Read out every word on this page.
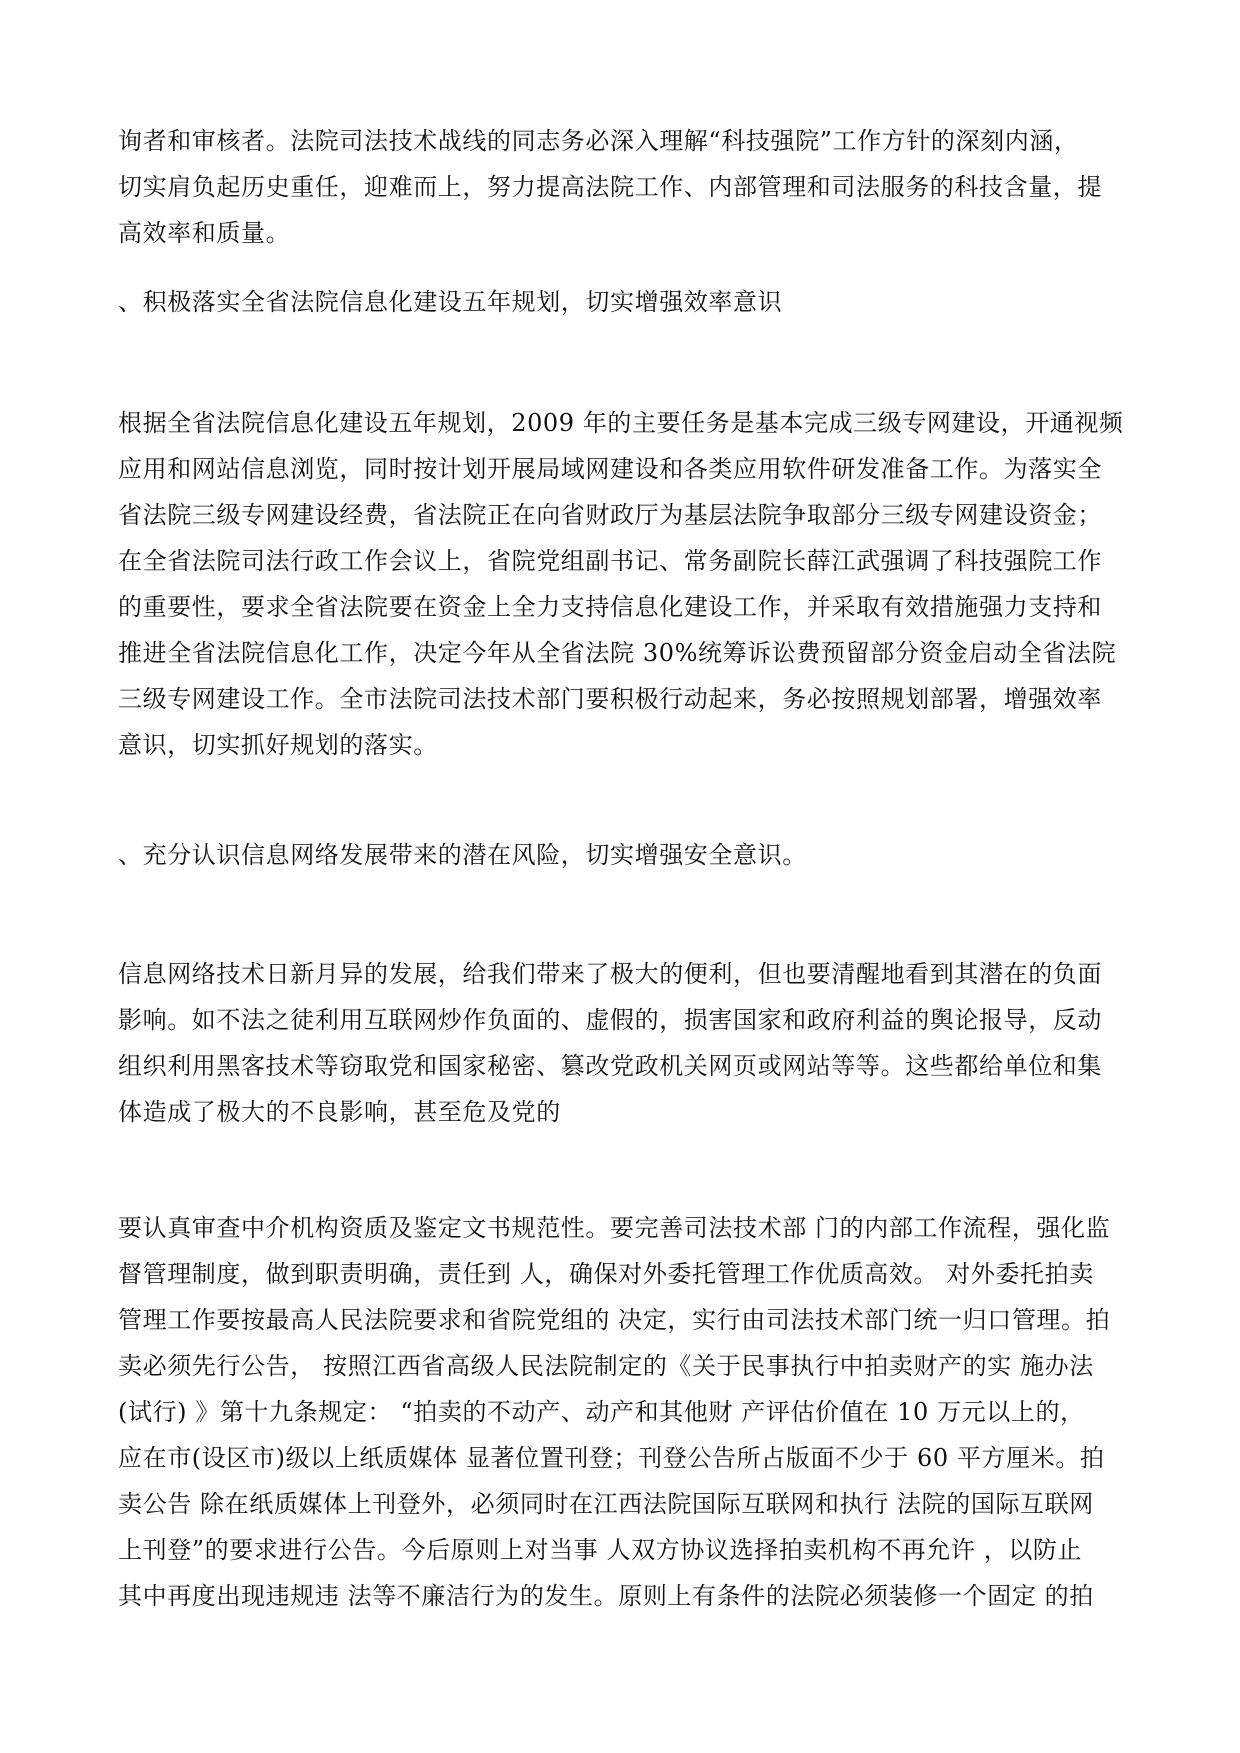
询者和审核者。法院司法技术战线的同志务必深入理解“科技强院”工作方针的深刻内涵，
切实肩负起历史重任，迎难而上，努力提高法院工作、内部管理和司法服务的科技含量，提
高效率和质量。

、积极落实全省法院信息化建设五年规划，切实增强效率意识

根据全省法院信息化建设五年规划，2009 年的主要任务是基本完成三级专网建设，开通视频
应用和网站信息浏览，同时按计划开展局域网建设和各类应用软件研发准备工作。为落实全
省法院三级专网建设经费，省法院正在向省财政厅为基层法院争取部分三级专网建设资金；
在全省法院司法行政工作会议上，省院党组副书记、常务副院长薛江武强调了科技强院工作
的重要性，要求全省法院要在资金上全力支持信息化建设工作，并采取有效措施强力支持和
推进全省法院信息化工作，决定今年从全省法院 30%统筹诉讼费预留部分资金启动全省法院
三级专网建设工作。全市法院司法技术部门要积极行动起来，务必按照规划部署，增强效率
意识，切实抓好规划的落实。

、充分认识信息网络发展带来的潜在风险，切实增强安全意识。

信息网络技术日新月异的发展，给我们带来了极大的便利，但也要清醒地看到其潜在的负面
影响。如不法之徒利用互联网炒作负面的、虚假的，损害国家和政府利益的舆论报导，反动
组织利用黑客技术等窃取党和国家秘密、篡改党政机关网页或网站等等。这些都给单位和集
体造成了极大的不良影响，甚至危及党的

要认真审查中介机构资质及鉴定文书规范性。要完善司法技术部 门的内部工作流程，强化监
督管理制度，做到职责明确，责任到 人，确保对外委托管理工作优质高效。 对外委托拍卖
管理工作要按最高人民法院要求和省院党组的 决定，实行由司法技术部门统一归口管理。拍
卖必须先行公告， 按照江西省高级人民法院制定的《关于民事执行中拍卖财产的实 施办法
(试行) 》第十九条规定： “拍卖的不动产、动产和其他财 产评估价值在 10 万元以上的，
应在市(设区市)级以上纸质媒体 显著位置刊登；刊登公告所占版面不少于 60 平方厘米。拍
卖公告 除在纸质媒体上刊登外，必须同时在江西法院国际互联网和执行 法院的国际互联网
上刊登”的要求进行公告。今后原则上对当事 人双方协议选择拍卖机构不再允许 ，以防止
其中再度出现违规违 法等不廉洁行为的发生。原则上有条件的法院必须装修一个固定 的拍
